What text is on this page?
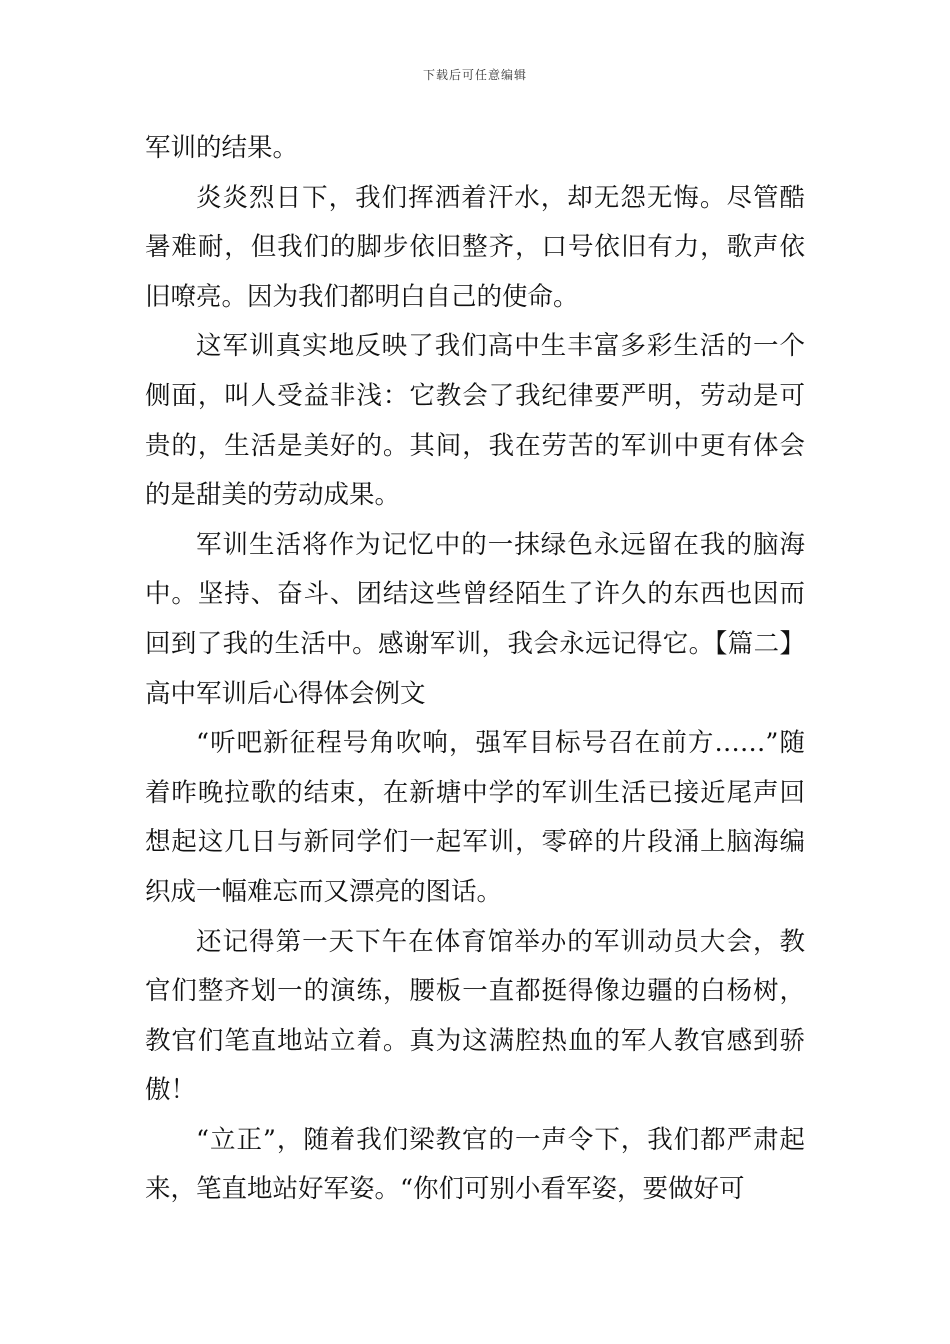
下载后可任意编辑

军训的结果。

炎炎烈日下，我们挥洒着汗水，却无怨无悔。尽管酷暑难耐，但我们的脚步依旧整齐，口号依旧有力，歌声依旧嘹亮。因为我们都明白自己的使命。

这军训真实地反映了我们高中生丰富多彩生活的一个侧面，叫人受益非浅：它教会了我纪律要严明，劳动是可贵的，生活是美好的。其间，我在劳苦的军训中更有体会的是甜美的劳动成果。

军训生活将作为记忆中的一抹绿色永远留在我的脑海中。坚持、奋斗、团结这些曾经陌生了许久的东西也因而回到了我的生活中。感谢军训，我会永远记得它。【篇二】高中军训后心得体会例文

“听吧新征程号角吹响，强军目标号召在前方……”随着昨晚拉歌的结束，在新塘中学的军训生活已接近尾声回想起这几日与新同学们一起军训，零碎的片段涌上脑海编织成一幅难忘而又漂亮的图话。

还记得第一天下午在体育馆举办的军训动员大会，教官们整齐划一的演练，腰板一直都挺得像边疆的白杨树，教官们笔直地站立着。真为这满腔热血的军人教官感到骄傲！

“立正”，随着我们梁教官的一声令下，我们都严肃起来，笔直地站好军姿。“你们可别小看军姿，要做好可
